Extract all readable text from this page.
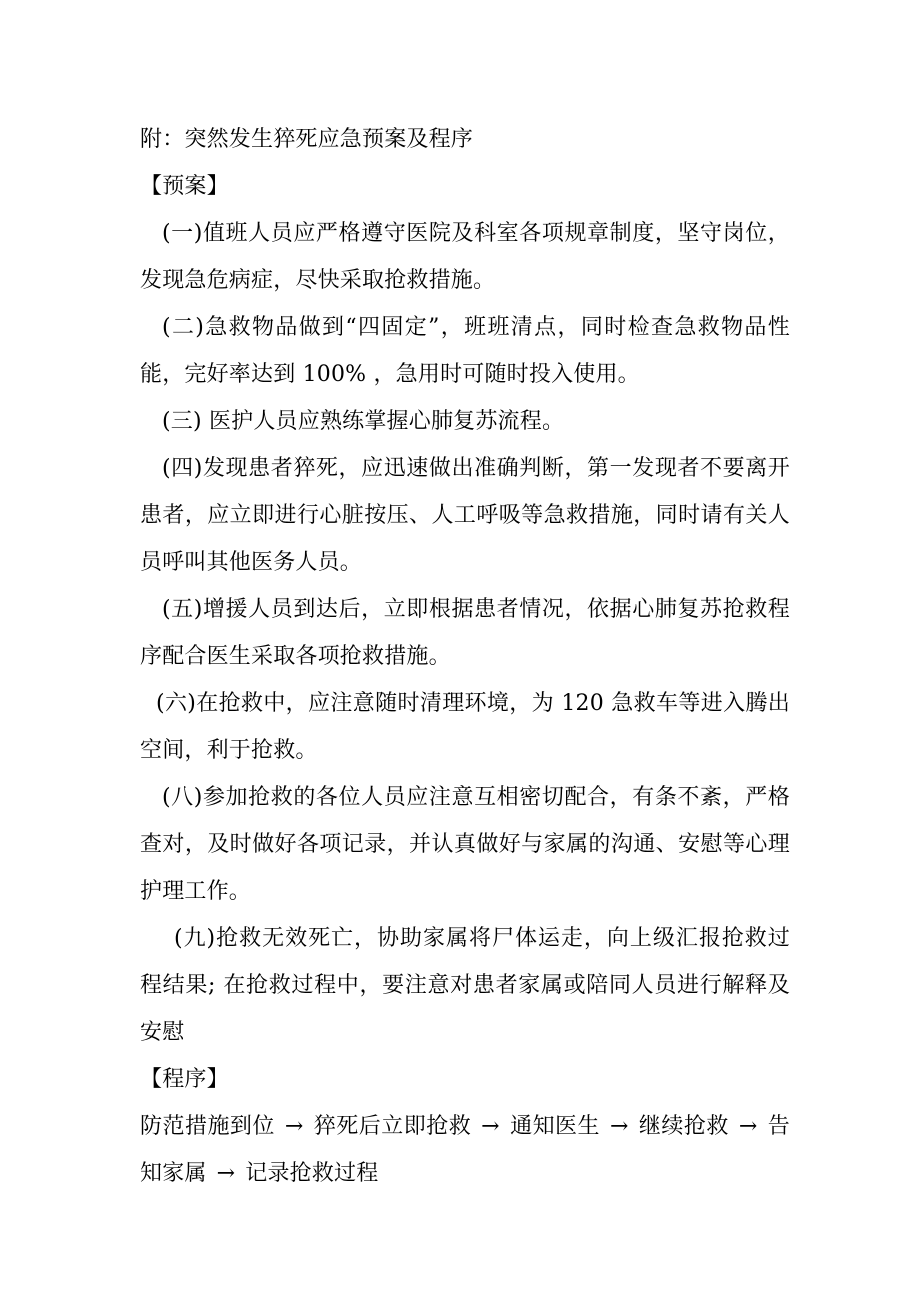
附：突然发生猝死应急预案及程序
【预案】
(一)值班人员应严格遵守医院及科室各项规章制度，坚守岗位，发现急危病症，尽快采取抢救措施。
(二)急救物品做到“四固定”，班班清点，同时检查急救物品性能，完好率达到 100% ，急用时可随时投入使用。
(三) 医护人员应熟练掌握心肺复苏流程。
(四)发现患者猝死，应迅速做出准确判断，第一发现者不要离开患者，应立即进行心脏按压、人工呼吸等急救措施，同时请有关人员呼叫其他医务人员。
(五)增援人员到达后，立即根据患者情况，依据心肺复苏抢救程序配合医生采取各项抢救措施。
(六)在抢救中，应注意随时清理环境，为 120 急救车等进入腾出空间，利于抢救。
(八)参加抢救的各位人员应注意互相密切配合，有条不紊，严格查对，及时做好各项记录，并认真做好与家属的沟通、安慰等心理护理工作。
(九)抢救无效死亡，协助家属将尸体运走，向上级汇报抢救过程结果; 在抢救过程中，要注意对患者家属或陪同人员进行解释及安慰
【程序】
防范措施到位 → 猝死后立即抢救 → 通知医生 → 继续抢救 → 告知家属 → 记录抢救过程
